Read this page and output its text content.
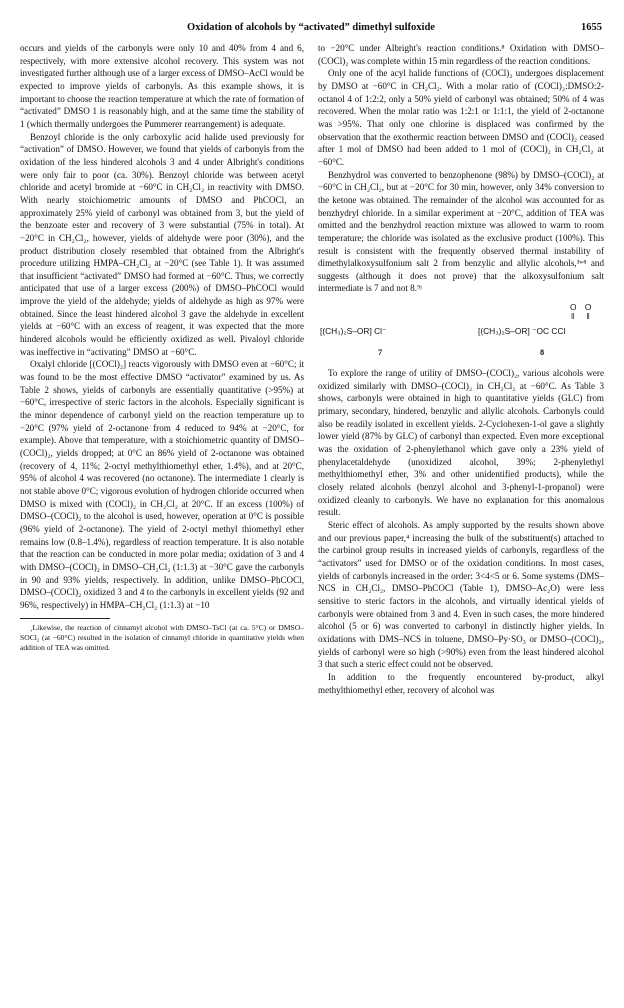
Oxidation of alcohols by “activated” dimethyl sulfoxide	1655

occurs and yields of the carbonyls were only 10 and 40% from 4 and 6, respectively, with more extensive alcohol recovery. This system was not investigated further although use of a larger excess of DMSO–AcCl would be expected to improve yields of carbonyls. As this example shows, it is important to choose the reaction temperature at which the rate of formation of “activated” DMSO 1 is reasonably high, and at the same time the stability of 1 (which thermally undergoes the Pummerer rearrangement) is adequate.

Benzoyl chloride is the only carboxylic acid halide used previously for “activation” of DMSO. However, we found that yields of carbonyls from the oxidation of the less hindered alcohols 3 and 4 under Albright's conditions were only fair to poor (ca. 30%). Benzoyl chloride was between acetyl chloride and acetyl bromide at −60°C in CH₂Cl₂ in reactivity with DMSO. With nearly stoichiometric amounts of DMSO and PhCOCl, an approximately 25% yield of carbonyl was obtained from 3, but the yield of the benzoate ester and recovery of 3 were substantial (75% in total). At −20°C in CH₂Cl₂, however, yields of aldehyde were poor (30%), and the product distribution closely resembled that obtained from the Albright's procedure utilizing HMPA–CH₂Cl₂ at −20°C (see Table 1). It was assumed that insufficient “activated” DMSO had formed at −60°C. Thus, we correctly anticipated that use of a larger excess (200%) of DMSO–PhCOCl would improve the yield of the aldehyde; yields of aldehyde as high as 97% were obtained. Since the least hindered alcohol 3 gave the aldehyde in excellent yields at −60°C with an excess of reagent, it was expected that the more hindered alcohols would be efficiently oxidized as well. Pivaloyl chloride was ineffective in “activating” DMSO at −60°C.

Oxalyl chloride [(COCl)₂] reacts vigorously with DMSO even at −60°C; it was found to be the most effective DMSO “activator” examined by us. As Table 2 shows, yields of carbonyls are essentially quantitative (>95%) at −60°C, irrespective of steric factors in the alcohols. Especially significant is the minor dependence of carbonyl yield on the reaction temperature up to −20°C (97% yield of 2-octanone from 4 reduced to 94% at −20°C, for example). Above that temperature, with a stoichiometric quantity of DMSO–(COCl)₂, yields dropped; at 0°C an 86% yield of 2-octanone was obtained (recovery of 4, 11%; 2-octyl methylthiomethyl ether, 1.4%), and at 20°C, 95% of alcohol 4 was recovered (no octanone). The intermediate 1 clearly is not stable above 0°C; vigorous evolution of hydrogen chloride occurred when DMSO is mixed with (COCl)₂ in CH₂Cl₂ at 20°C. If an excess (100%) of DMSO–(COCl)₂ to the alcohol is used, however, operation at 0°C is possible (96% yield of 2-octanone). The yield of 2-octyl methyl thiomethyl ether remains low (0.8–1.4%), regardless of reaction temperature. It is also notable that the reaction can be conducted in more polar media; oxidation of 3 and 4 with DMSO–(COCl)₂ in DMSO–CH₂Cl₂ (1:1.3) at −30°C gave the carbonyls in 90 and 93% yields, respectively. In addition, unlike DMSO–PhCOCl, DMSO–(COCl)₂ oxidized 3 and 4 to the carbonyls in excellent yields (92 and 96%, respectively) in HMPA–CH₂Cl₂ (1:1.3) at −10

¸Likewise, the reaction of cinnamyl alcohol with DMSO–TsCl (at ca. 5°C) or DMSO–SOCl₂ (at −60°C) resulted in the isolation of cinnamyl chloride in quantitative yields when addition of TEA was omitted.

to −20°C under Albright's reaction conditions.⁸ Oxidation with DMSO–(COCl)₂ was complete within 15 min regardless of the reaction conditions.

Only one of the acyl halide functions of (COCl)₂ undergoes displacement by DMSO at −60°C in CH₂Cl₂. With a molar ratio of (COCl)₂:DMSO:2-octanol 4 of 1:2:2, only a 50% yield of carbonyl was obtained; 50% of 4 was recovered. When the molar ratio was 1:2:1 or 1:1:1, the yield of 2-octanone was >95%. That only one chlorine is displaced was confirmed by the observation that the exothermic reaction between DMSO and (COCl)₂ ceased after 1 mol of DMSO had been added to 1 mol of (COCl)₂ in CH₂Cl₂ at −60°C.

Benzhydrol was converted to benzophenone (98%) by DMSO–(COCl)₂ at −60°C in CH₂Cl₂, but at −20°C for 30 min, however, only 34% conversion to the ketone was obtained. The remainder of the alcohol was accounted for as benzhydryl chloride. In a similar experiment at −20°C, addition of TEA was omitted and the benzhydrol reaction mixture was allowed to warm to room temperature; the chloride was isolated as the exclusive product (100%). This result is consistent with the frequently observed thermal instability of dimethylalkoxysulfonium salt 2 from benzylic and allylic alcohols,³ʷ⁸ and suggests (although it does not prove) that the alkoxysulfonium salt intermediate is 7 and not 8.⁹ʲ

[(CH₃)₂S–OR] Cl⁻
O O
‖ ‖
[(CH₃)₂S–OR] ⁻OC CCl
7	8

To explore the range of utility of DMSO–(COCl)₂, various alcohols were oxidized similarly with DMSO–(COCl)₂ in CH₂Cl₂ at −60°C. As Table 3 shows, carbonyls were obtained in high to quantitative yields (GLC) from primary, secondary, hindered, benzylic and allylic alcohols. Carbonyls could also be readily isolated in excellent yields. 2-Cyclohexen-1-ol gave a slightly lower yield (87% by GLC) of carbonyl than expected. Even more exceptional was the oxidation of 2-phenylethanol which gave only a 23% yield of phenylacetaldehyde (unoxidized alcohol, 39%; 2-phenylethyl methylthiomethyl ether, 3% and other unidentified products), while the closely related alcohols (benzyl alcohol and 3-phenyl-1-propanol) were oxidized cleanly to carbonyls. We have no explanation for this anomalous result.

Steric effect of alcohols. As amply supported by the results shown above and our previous paper,⁴ increasing the bulk of the substituent(s) attached to the carbinol group results in increased yields of carbonyls, regardless of the “activators” used for DMSO or of the oxidation conditions. In most cases, yields of carbonyls increased in the order: 3<4<5 or 6. Some systems (DMS–NCS in CH₂Cl₂, DMSO–PhCOCl (Table 1), DMSO–Ac₂O) were less sensitive to steric factors in the alcohols, and virtually identical yields of carbonyls were obtained from 3 and 4. Even in such cases, the more hindered alcohol (5 or 6) was converted to carbonyl in distinctly higher yields. In oxidations with DMS–NCS in toluene, DMSO–Py·SO₃ or DMSO–(COCl)₂, yields of carbonyl were so high (>90%) even from the least hindered alcohol 3 that such a steric effect could not be observed.

In addition to the frequently encountered by-product, alkyl methylthiomethyl ether, recovery of alcohol was
